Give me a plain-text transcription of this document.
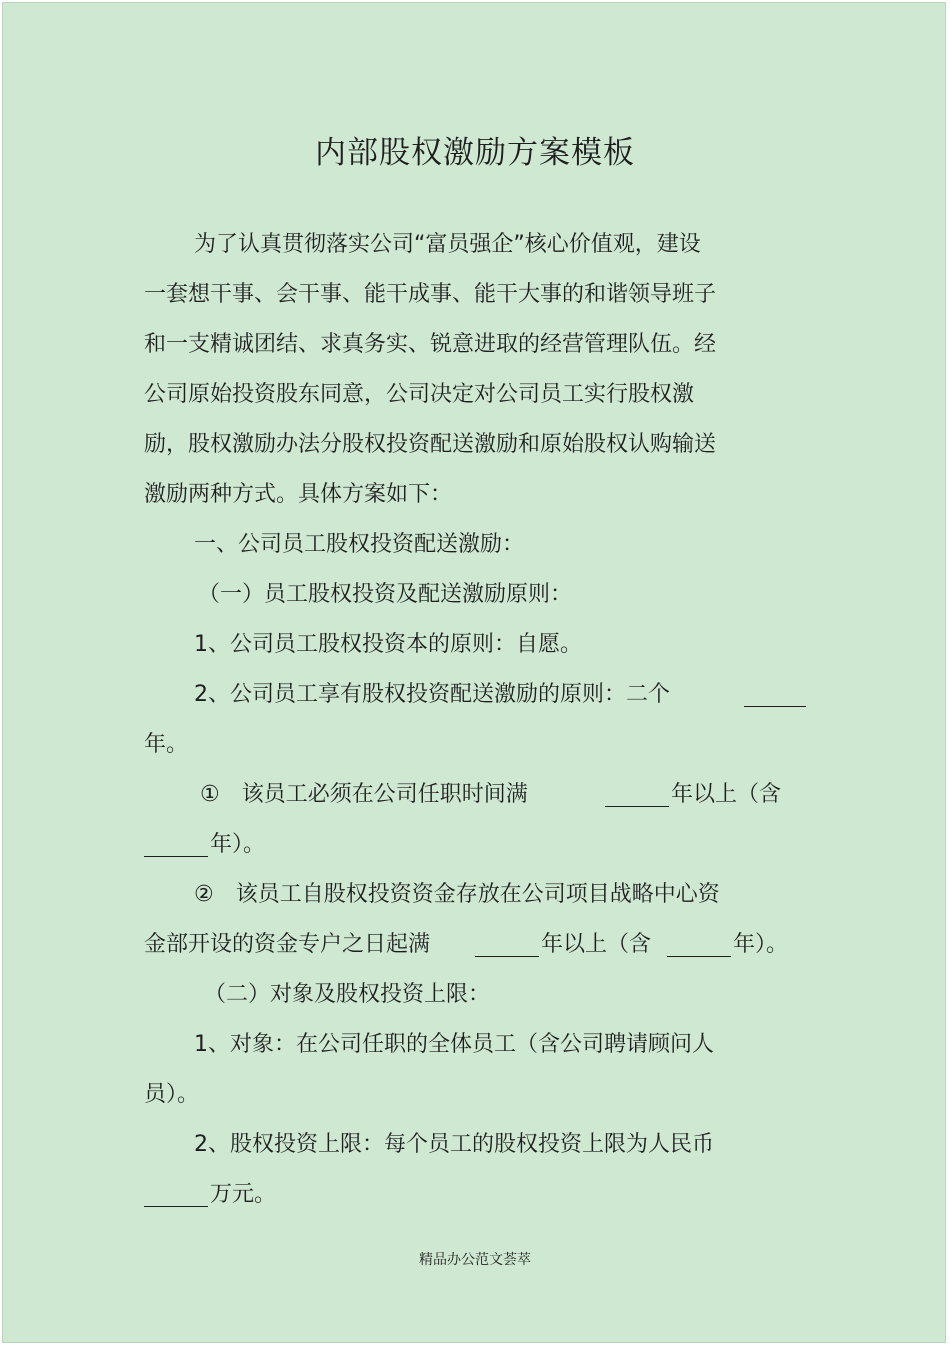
内部股权激励方案模板
为了认真贯彻落实公司“富员强企”核心价值观，建设
一套想干事、会干事、能干成事、能干大事的和谐领导班子
和一支精诚团结、求真务实、锐意进取的经营管理队伍。经
公司原始投资股东同意，公司决定对公司员工实行股权激
励，股权激励办法分股权投资配送激励和原始股权认购输送
激励两种方式。具体方案如下：
一、公司员工股权投资配送激励：
（一）员工股权投资及配送激励原则：
1、公司员工股权投资本的原则：自愿。
2、公司员工享有股权投资配送激励的原则：二个
年。
①　该员工必须在公司任职时间满	年以上（含
年）。
②　该员工自股权投资资金存放在公司项目战略中心资
金部开设的资金专户之日起满	年以上（含	年）。
（二）对象及股权投资上限：
1、对象：在公司任职的全体员工（含公司聘请顾问人
员）。
2、股权投资上限：每个员工的股权投资上限为人民币
万元。
精品办公范文荟萃
